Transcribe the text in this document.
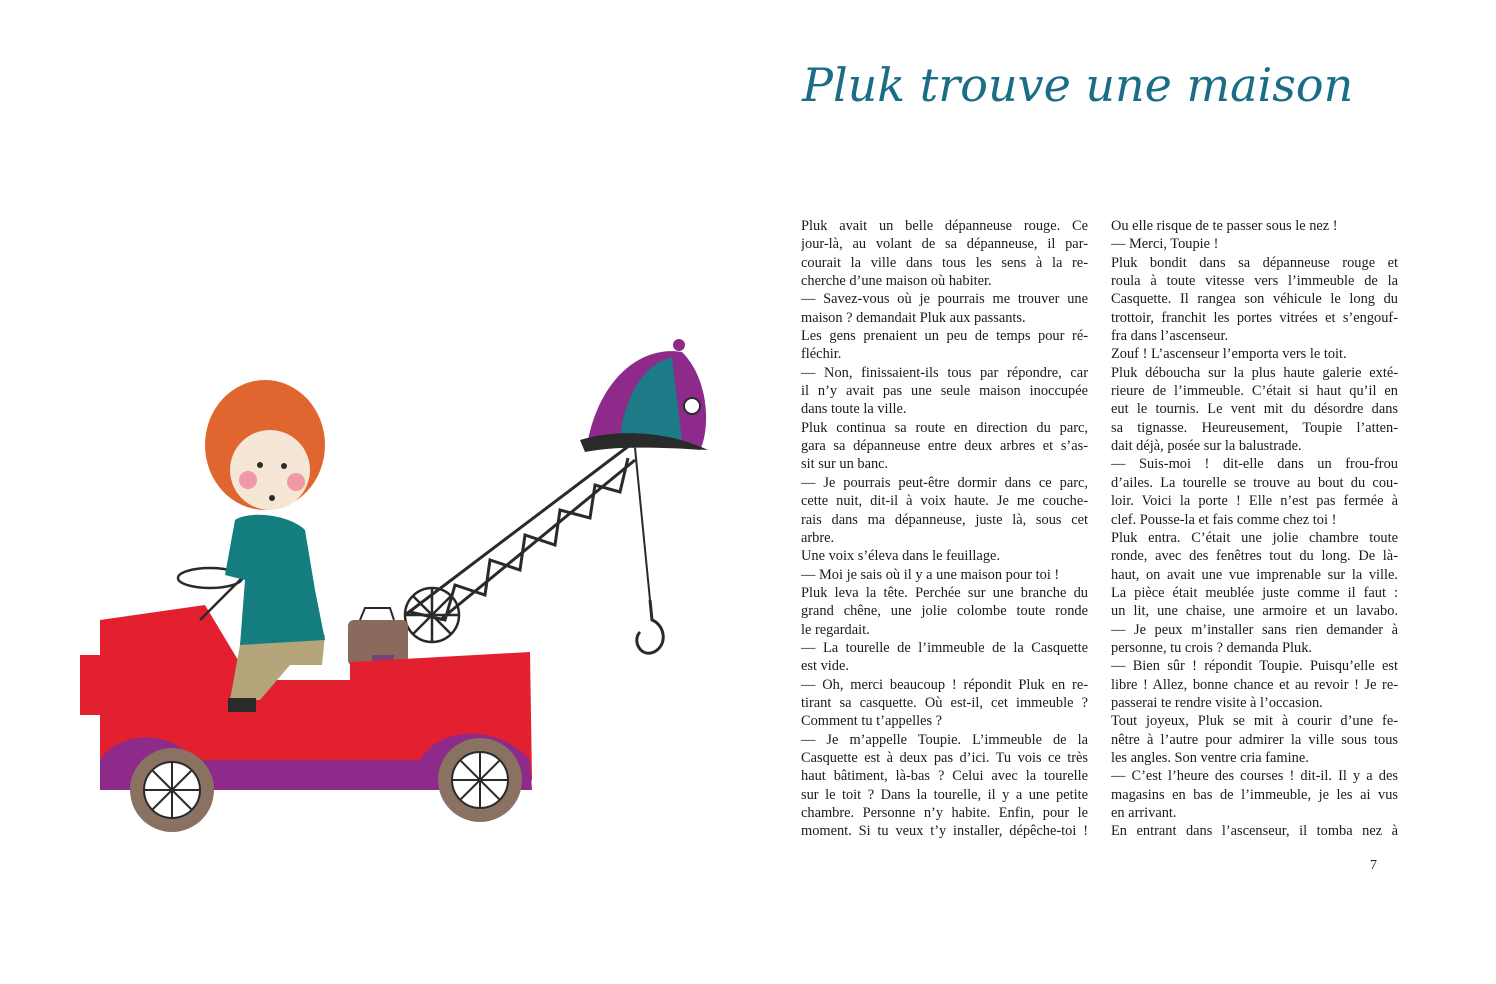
Pluk trouve une maison
Pluk avait un belle dépanneuse rouge. Ce
jour-là, au volant de sa dépanneuse, il par-
courait la ville dans tous les sens à la re-
cherche d’une maison où habiter.
— Savez-vous où je pourrais me trouver une
maison ? demandait Pluk aux passants.
Les gens prenaient un peu de temps pour ré-
fléchir.
— Non, finissaient-ils tous par répondre, car
il n’y avait pas une seule maison inoccupée
dans toute la ville.
Pluk continua sa route en direction du parc,
gara sa dépanneuse entre deux arbres et s’as-
sit sur un banc.
— Je pourrais peut-être dormir dans ce parc,
cette nuit, dit-il à voix haute. Je me couche-
rais dans ma dépanneuse, juste là, sous cet
arbre.
Une voix s’éleva dans le feuillage.
— Moi je sais où il y a une maison pour toi !
Pluk leva la tête. Perchée sur une branche du
grand chêne, une jolie colombe toute ronde
le regardait.
— La tourelle de l’immeuble de la Casquette
est vide.
— Oh, merci beaucoup ! répondit Pluk en re-
tirant sa casquette. Où est-il, cet immeuble ?
Comment tu t’appelles ?
— Je m’appelle Toupie. L’immeuble de la
Casquette est à deux pas d’ici. Tu vois ce très
haut bâtiment, là-bas ? Celui avec la tourelle
sur le toit ? Dans la tourelle, il y a une petite
chambre. Personne n’y habite. Enfin, pour le
moment. Si tu veux t’y installer, dépêche-toi !
Ou elle risque de te passer sous le nez !
— Merci, Toupie !
Pluk bondit dans sa dépanneuse rouge et
roula à toute vitesse vers l’immeuble de la
Casquette. Il rangea son véhicule le long du
trottoir, franchit les portes vitrées et s’engouf-
fra dans l’ascenseur.
Zouf ! L’ascenseur l’emporta vers le toit.
Pluk déboucha sur la plus haute galerie exté-
rieure de l’immeuble. C’était si haut qu’il en
eut le tournis. Le vent mit du désordre dans
sa tignasse. Heureusement, Toupie l’atten-
dait déjà, posée sur la balustrade.
— Suis-moi ! dit-elle dans un frou-frou
d’ailes. La tourelle se trouve au bout du cou-
loir. Voici la porte ! Elle n’est pas fermée à
clef. Pousse-la et fais comme chez toi !
Pluk entra. C’était une jolie chambre toute
ronde, avec des fenêtres tout du long. De là-
haut, on avait une vue imprenable sur la ville.
La pièce était meublée juste comme il faut :
un lit, une chaise, une armoire et un lavabo.
— Je peux m’installer sans rien demander à
personne, tu crois ? demanda Pluk.
— Bien sûr ! répondit Toupie. Puisqu’elle est
libre ! Allez, bonne chance et au revoir ! Je re-
passerai te rendre visite à l’occasion.
Tout joyeux, Pluk se mit à courir d’une fe-
nêtre à l’autre pour admirer la ville sous tous
les angles. Son ventre cria famine.
— C’est l’heure des courses ! dit-il. Il y a des
magasins en bas de l’immeuble, je les ai vus
en arrivant.
En entrant dans l’ascenseur, il tomba nez à
7
